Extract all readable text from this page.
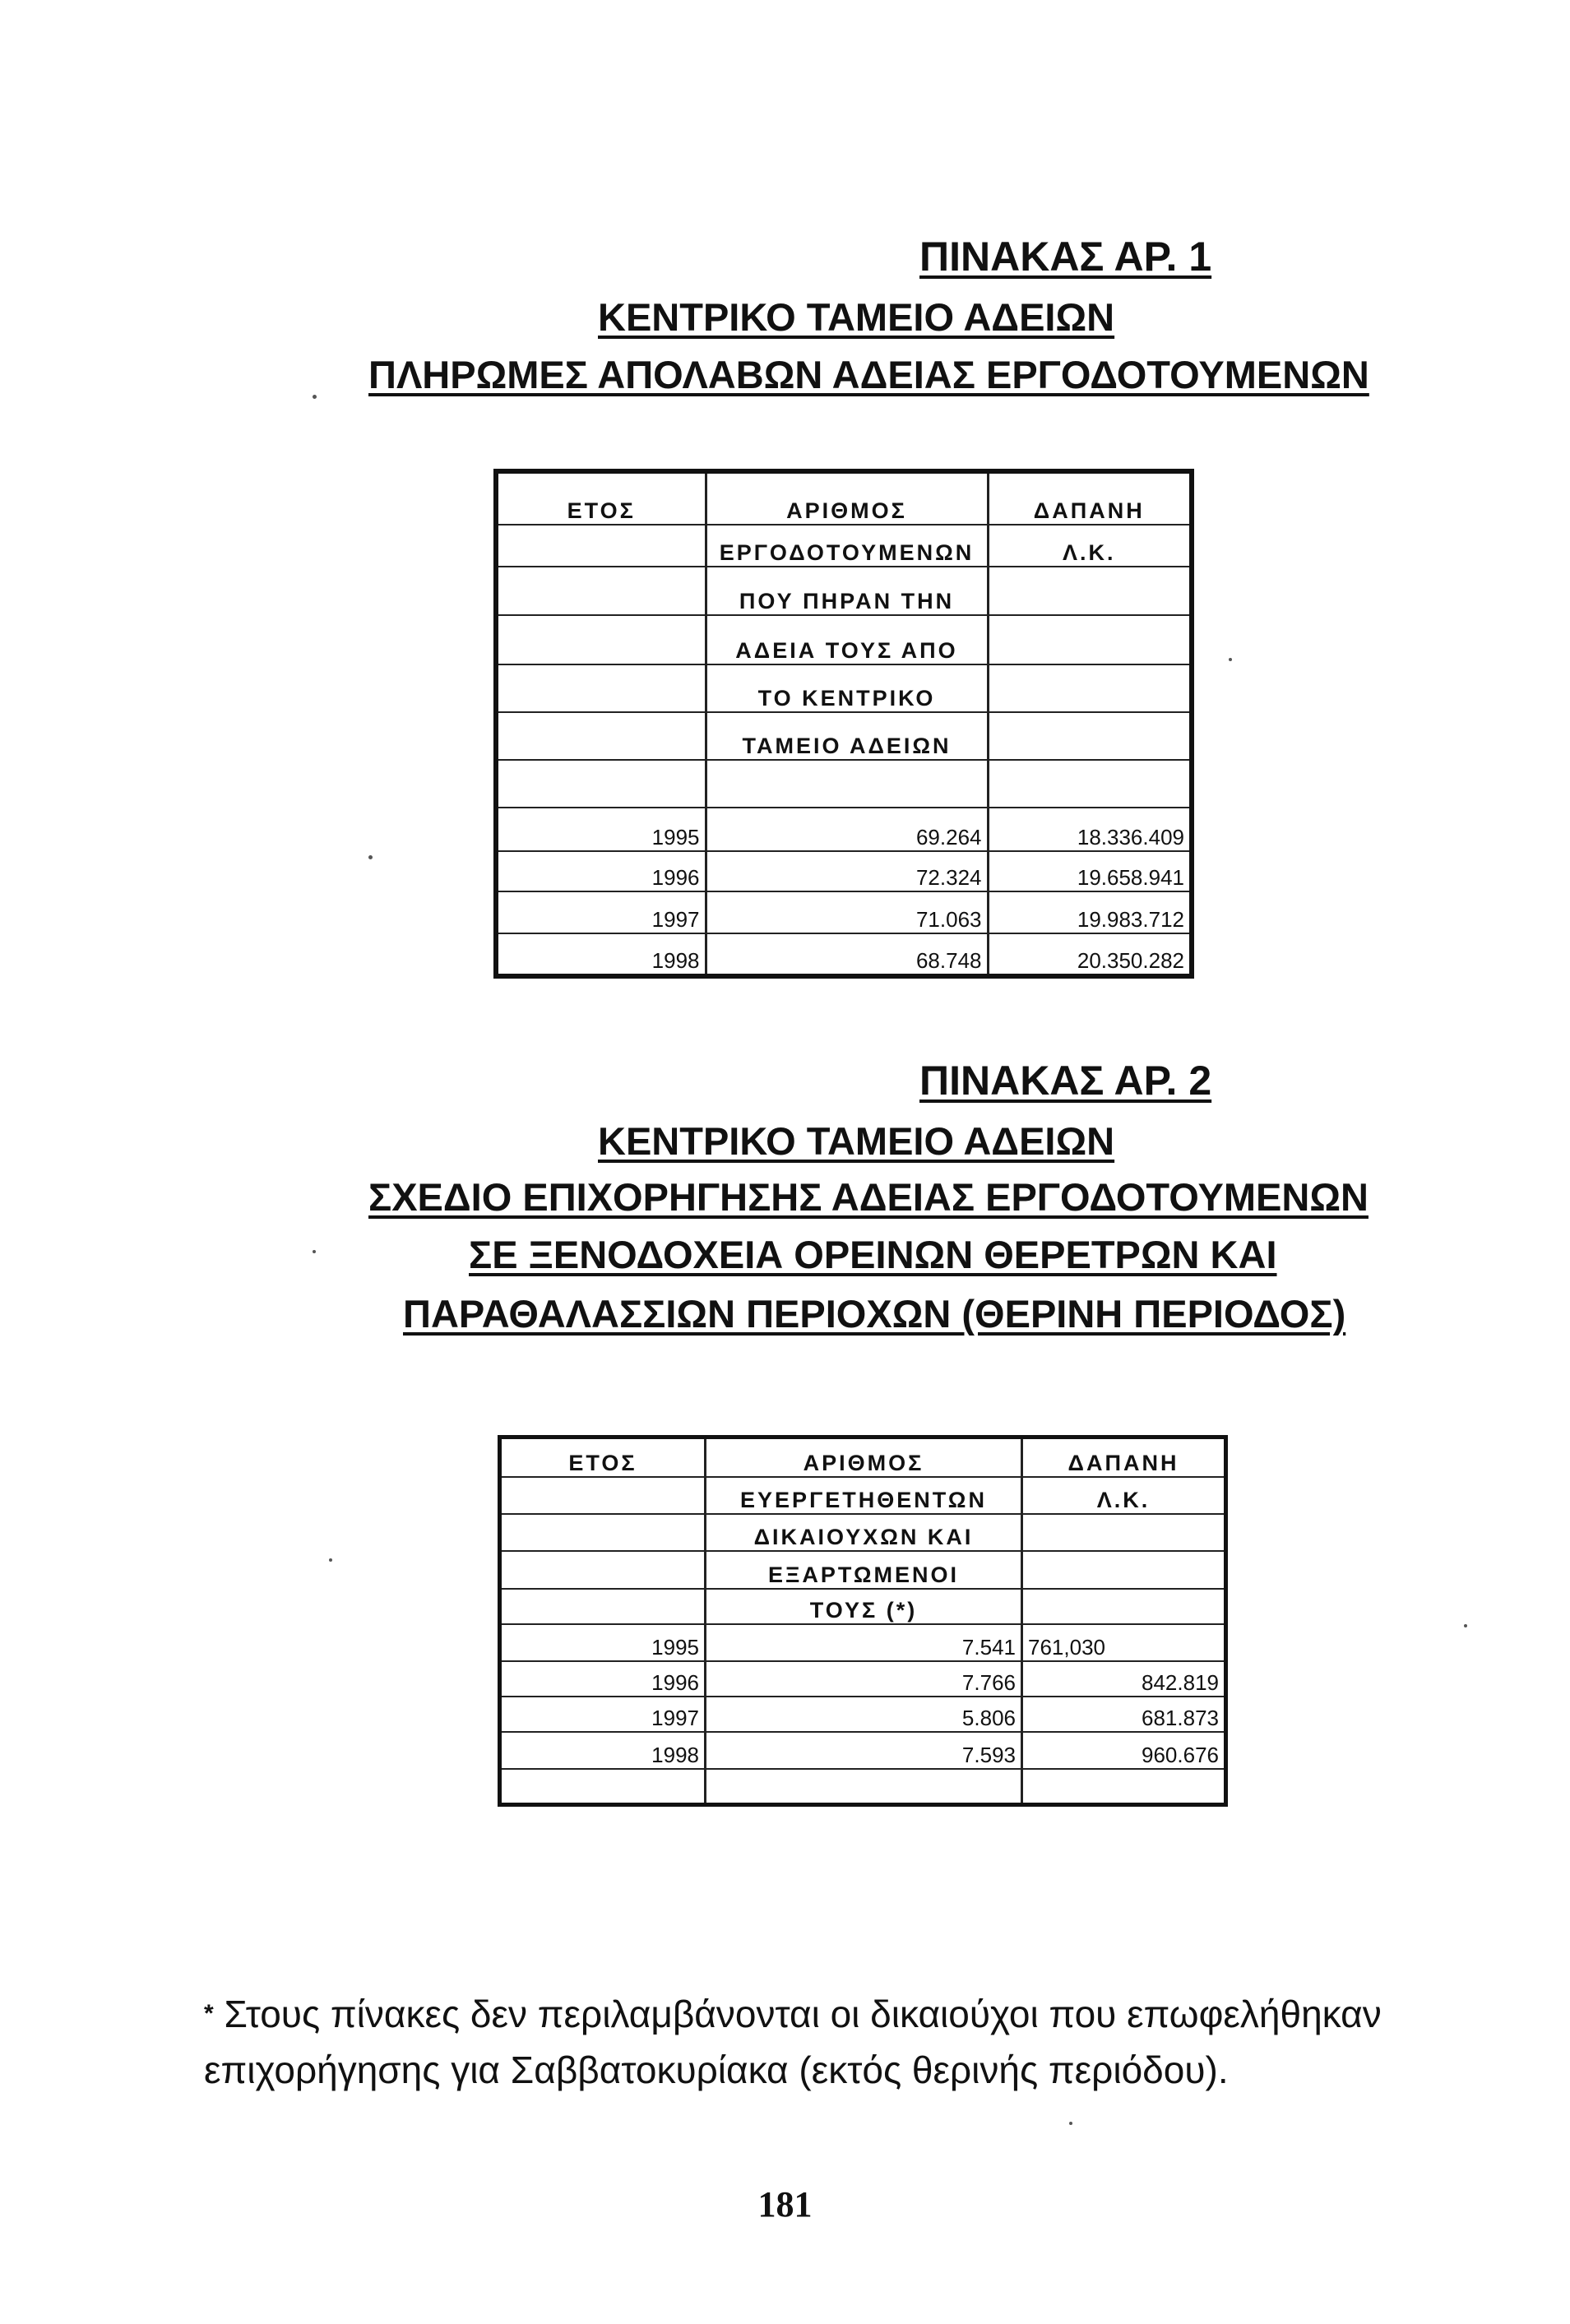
ΠΙΝΑΚΑΣ ΑΡ. 1
ΚΕΝΤΡΙΚΟ ΤΑΜΕΙΟ ΑΔΕΙΩΝ
ΠΛΗΡΩΜΕΣ ΑΠΟΛΑΒΩΝ ΑΔΕΙΑΣ ΕΡΓΟΔΟΤΟΥΜΕΝΩΝ
ΕΤΟΣ	ΑΡΙΘΜΟΣ	ΔΑΠΑΝΗ
	ΕΡΓΟΔΟΤΟΥΜΕΝΩΝ	Λ.Κ.
	ΠΟΥ ΠΗΡΑΝ ΤΗΝ	
	ΑΔΕΙΑ ΤΟΥΣ ΑΠΟ	
	ΤΟ ΚΕΝΤΡΙΚΟ	
	ΤΑΜΕΙΟ ΑΔΕΙΩΝ	

1995	69.264	18.336.409
1996	72.324	19.658.941
1997	71.063	19.983.712
1998	68.748	20.350.282
ΠΙΝΑΚΑΣ ΑΡ. 2
ΚΕΝΤΡΙΚΟ ΤΑΜΕΙΟ ΑΔΕΙΩΝ
ΣΧΕΔΙΟ ΕΠΙΧΟΡΗΓΗΣΗΣ ΑΔΕΙΑΣ ΕΡΓΟΔΟΤΟΥΜΕΝΩΝ
ΣΕ ΞΕΝΟΔΟΧΕΙΑ ΟΡΕΙΝΩΝ ΘΕΡΕΤΡΩΝ ΚΑΙ
ΠΑΡΑΘΑΛΑΣΣΙΩΝ ΠΕΡΙΟΧΩΝ (ΘΕΡΙΝΗ ΠΕΡΙΟΔΟΣ)
ΕΤΟΣ	ΑΡΙΘΜΟΣ	ΔΑΠΑΝΗ
	ΕΥΕΡΓΕΤΗΘΕΝΤΩΝ	Λ.Κ.
	ΔΙΚΑΙΟΥΧΩΝ ΚΑΙ	
	ΕΞΑΡΤΩΜΕΝΟΙ	
	ΤΟΥΣ (*)	
1995	7.541	761,030
1996	7.766	842.819
1997	5.806	681.873
1998	7.593	960.676

* Στους πίνακες δεν περιλαμβάνονται οι δικαιούχοι που επωφελήθηκαν
επιχορήγησης για Σαββατοκυρίακα (εκτός θερινής περιόδου).
181
